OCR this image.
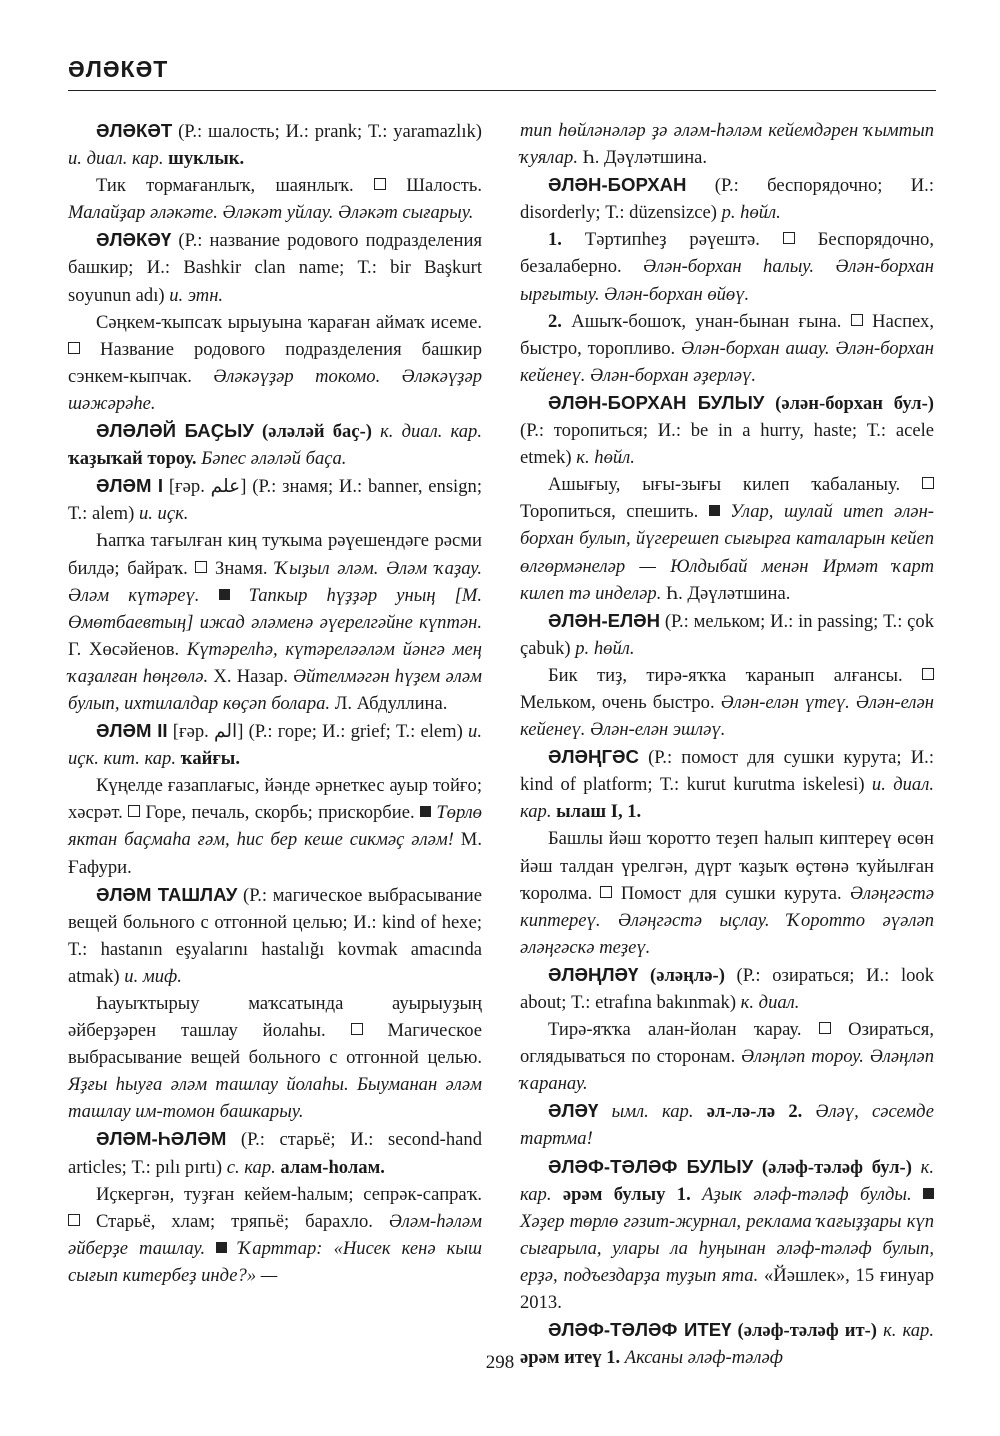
ӘЛӘКӘТ

ӘЛӘКӘТ (Р.: шалость; И.: prank; Т.: yaramazlık) и. диал. кар. шуклык.

Тик тормағанлыҡ, шаянлыҡ.  Шалость. Малайҙар әләкәте. Әләкәт уйлау. Әләкәт сығарыу.

ӘЛӘКӘҮ (Р.: название родового подразделения башкир; И.: Bashkir clan name; Т.: bir Başkurt soyunun adı) и. этн.

Сәңкем-ҡыпсаҡ ырыуына ҡараған аймаҡ исеме.  Название родового подразделения башкир сэнкем-кыпчак. Әләкәүҙәр токомо. Әләкәүҙәр шәжәрәһе.

ӘЛӘЛӘЙ БАҪЫУ (әләләй баҫ-) к. диал. кар. ҡаҙыҡай тороу. Бәпес әләләй баҫа.

ӘЛӘМ I [ғәр. علم] (Р.: знамя; И.: banner, ensign; Т.: alem) и. иҫк.

Һапҡа тағылған киң туҡыма рәүешендәге рәсми билдә; байраҡ.  Знамя. Ҡыҙыл әләм. Әләм ҡаҙау. Әләм күтәреү.	Тапкыр һүҙҙәр уның [М. Өмөтбаевтың] ижад әләменә әүерелгәйне күптән. Г. Хөсәйенов. Күтәрелһә, күтәреләәләм йәнгә мең ҡаҙалған һөңгөлә. Х. Назар. Әйтелмәгән һүҙем әләм булып, ихтилалдар көҫәп болара. Л. Абдуллина.

ӘЛӘМ II [ғәр. الم] (Р.: горе; И.: grief; Т.: elem) и. иҫк. кит. кар. ҡайғы.

Күңелде ғазаплағыс, йәнде әрнеткес ауыр тойғо; хәсрәт.  Горе, печаль, скорбь; прискорбие.  Төрлө яктан баҫмаһа ғәм, һис бер кеше сикмәҫ әләм! М. Ғафури.

ӘЛӘМ ТАШЛАУ (Р.: магическое выбрасывание вещей больного с отгонной целью; И.: kind of hexe; Т.: hastanın eşyalarını hastalığı kovmak amacında atmak) и. миф.

Һауыҡтырыу маҡсатында ауырыуҙың әйберҙәрен ташлау йолаһы.  Магическое выбрасывание вещей больного с отгонной целью. Яҙғы һыуға әләм ташлау йолаһы. Быуманан әләм ташлау им-томон башкарыу.

ӘЛӘМ-ҺӘЛӘМ (Р.: старьё; И.: second-hand articles; Т.: pılı pırtı) с. кар. алам-һолам.

Иҫкергән, туҙған кейем-һалым; сепрәк-сапраҡ.  Старьё, хлам; тряпьё; барахло. Әләм-һәләм әйберҙе ташлау. Ҡарттар: «Нисек кенә кыш сығып китербеҙ инде?» —

тип һөйләнәләр ҙә әләм-һәләм кейемдәрен ҡымтып ҡуялар. Һ. Дәүләтшина.

ӘЛӘН-БОРХАН (Р.: беспорядочно; И.: disorderly; Т.: düzensizce) р. һөйл.

1. Тәртипһеҙ рәүештә.  Беспорядочно, безалаберно. Әлән-борхан һалыу. Әлән-борхан ырғытыу. Әлән-борхан өйөү.

2. Ашыҡ-бошоҡ, унан-бынан ғына.  Наспех, быстро, торопливо. Әлән-борхан ашау. Әлән-борхан кейенеү. Әлән-борхан әҙерләү.

ӘЛӘН-БОРХАН БУЛЫУ (әлән-борхан бул-) (Р.: торопиться; И.: be in a hurry, haste; Т.: acele etmek) к. һөйл.

Ашығыу, ығы-зығы килеп ҡабаланыу.  Торопиться, спешить.  Улар, шулай итеп әлән-борхан булып, йүгерешеп сығырға каталарын кейеп өлгөрмәнеләр — Юлдыбай менән Ирмәт ҡарт килеп тә инделәр. Һ. Дәүләтшина.

ӘЛӘН-ЕЛӘН (Р.: мельком; И.: in passing; Т.: çok çabuk) р. һөйл.

Бик тиҙ, тирә-яҡҡа ҡаранып алғансы.  Мельком, очень быстро. Әлән-елән үтеү. Әлән-елән кейенеү. Әлән-елән эшләү.

ӘЛӘҢГӘС (Р.: помост для сушки курута; И.: kind of platform; Т.: kurut kurutma iskelesi) и. диал. кар. ылаш I, 1.

Башлы йәш ҡоротто теҙеп һалып киптереү өсөн йәш талдан үрелгән, дүрт ҡаҙыҡ өҫтөнә ҡуйылған ҡоролма.  Помост для сушки курута. Әләңгәстә киптереү. Әләңгәстә ыҫлау. Ҡоротто әүәләп әләңгәскә теҙеү.

ӘЛӘҢЛӘҮ (әләңлә-) (Р.: озираться; И.: look about; Т.: etrafına bakınmak) к. диал.

Тирә-яҡҡа алан-йолан ҡарау.  Озираться, оглядываться по сторонам. Әләңләп тороу. Әләңләп ҡаранау.

ӘЛӘҮ ымл. кар. әл-лә-лә 2. Әләү, сәсемде тартма!

ӘЛӘФ-ТӘЛӘФ БУЛЫУ (әләф-тәләф бул-) к. кар. әрәм булыу 1. Аҙык әләф-тәләф булды.  Хәҙер төрлө гәзит-журнал, реклама ҡағыҙҙары күп сығарыла, улары ла һуңынан әләф-тәләф булып, ерҙә, подъездарҙа туҙып ята. «Йәшлек», 15 ғинуар 2013.

ӘЛӘФ-ТӘЛӘФ ИТЕҮ (әләф-тәләф ит-) к. кар. әрәм итеү 1. Аксаны әләф-тәләф

298
